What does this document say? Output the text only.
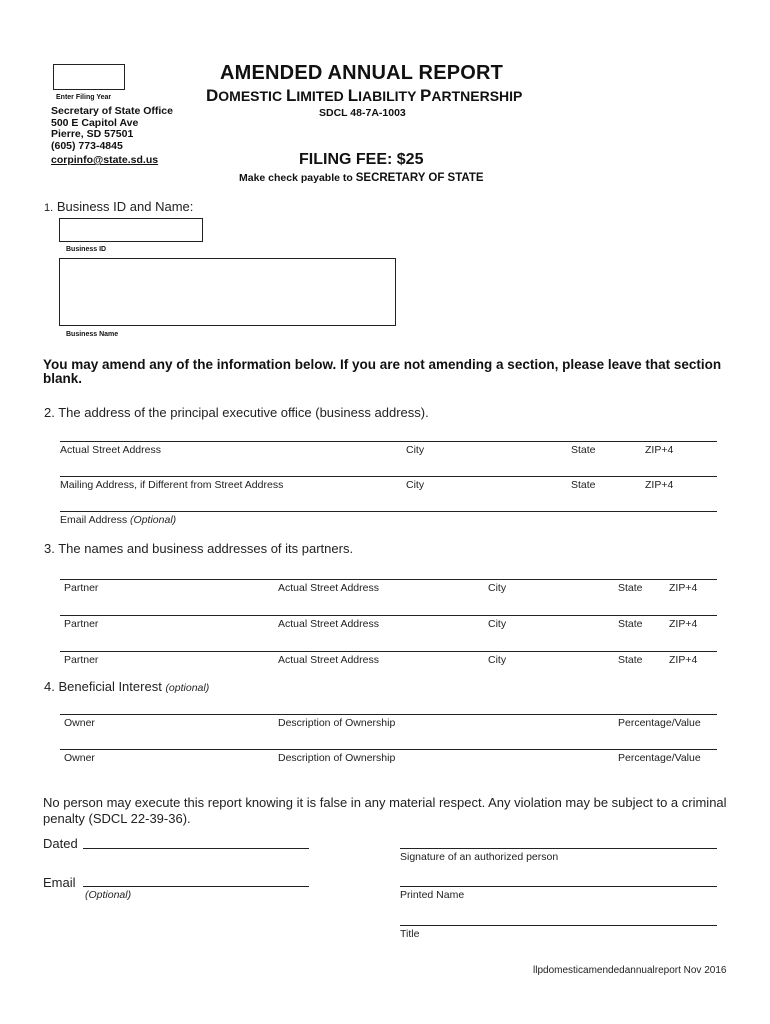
Enter Filing Year
Secretary of State Office
500 E Capitol Ave
Pierre, SD 57501
(605) 773-4845
corpinfo@state.sd.us
AMENDED ANNUAL REPORT
DOMESTIC LIMITED LIABILITY PARTNERSHIP
SDCL 48-7A-1003
FILING FEE: $25
Make check payable to SECRETARY OF STATE
1. Business ID and Name:
Business ID
Business Name
You may amend any of the information below. If you are not amending a section, please leave that section blank.
2. The address of the principal executive office (business address).
Actual Street Address	City	State	ZIP+4
Mailing Address, if Different from Street Address	City	State	ZIP+4
Email Address (Optional)
3. The names and business addresses of its partners.
Partner	Actual Street Address	City	State	ZIP+4
Partner	Actual Street Address	City	State	ZIP+4
Partner	Actual Street Address	City	State	ZIP+4
4. Beneficial Interest (optional)
Owner	Description of Ownership	Percentage/Value
Owner	Description of Ownership	Percentage/Value
No person may execute this report knowing it is false in any material respect. Any violation may be subject to a criminal penalty (SDCL 22-39-36).
Dated
Signature of an authorized person
Email
(Optional)	Printed Name
Title
llpdomesticamendedannualreport Nov 2016
